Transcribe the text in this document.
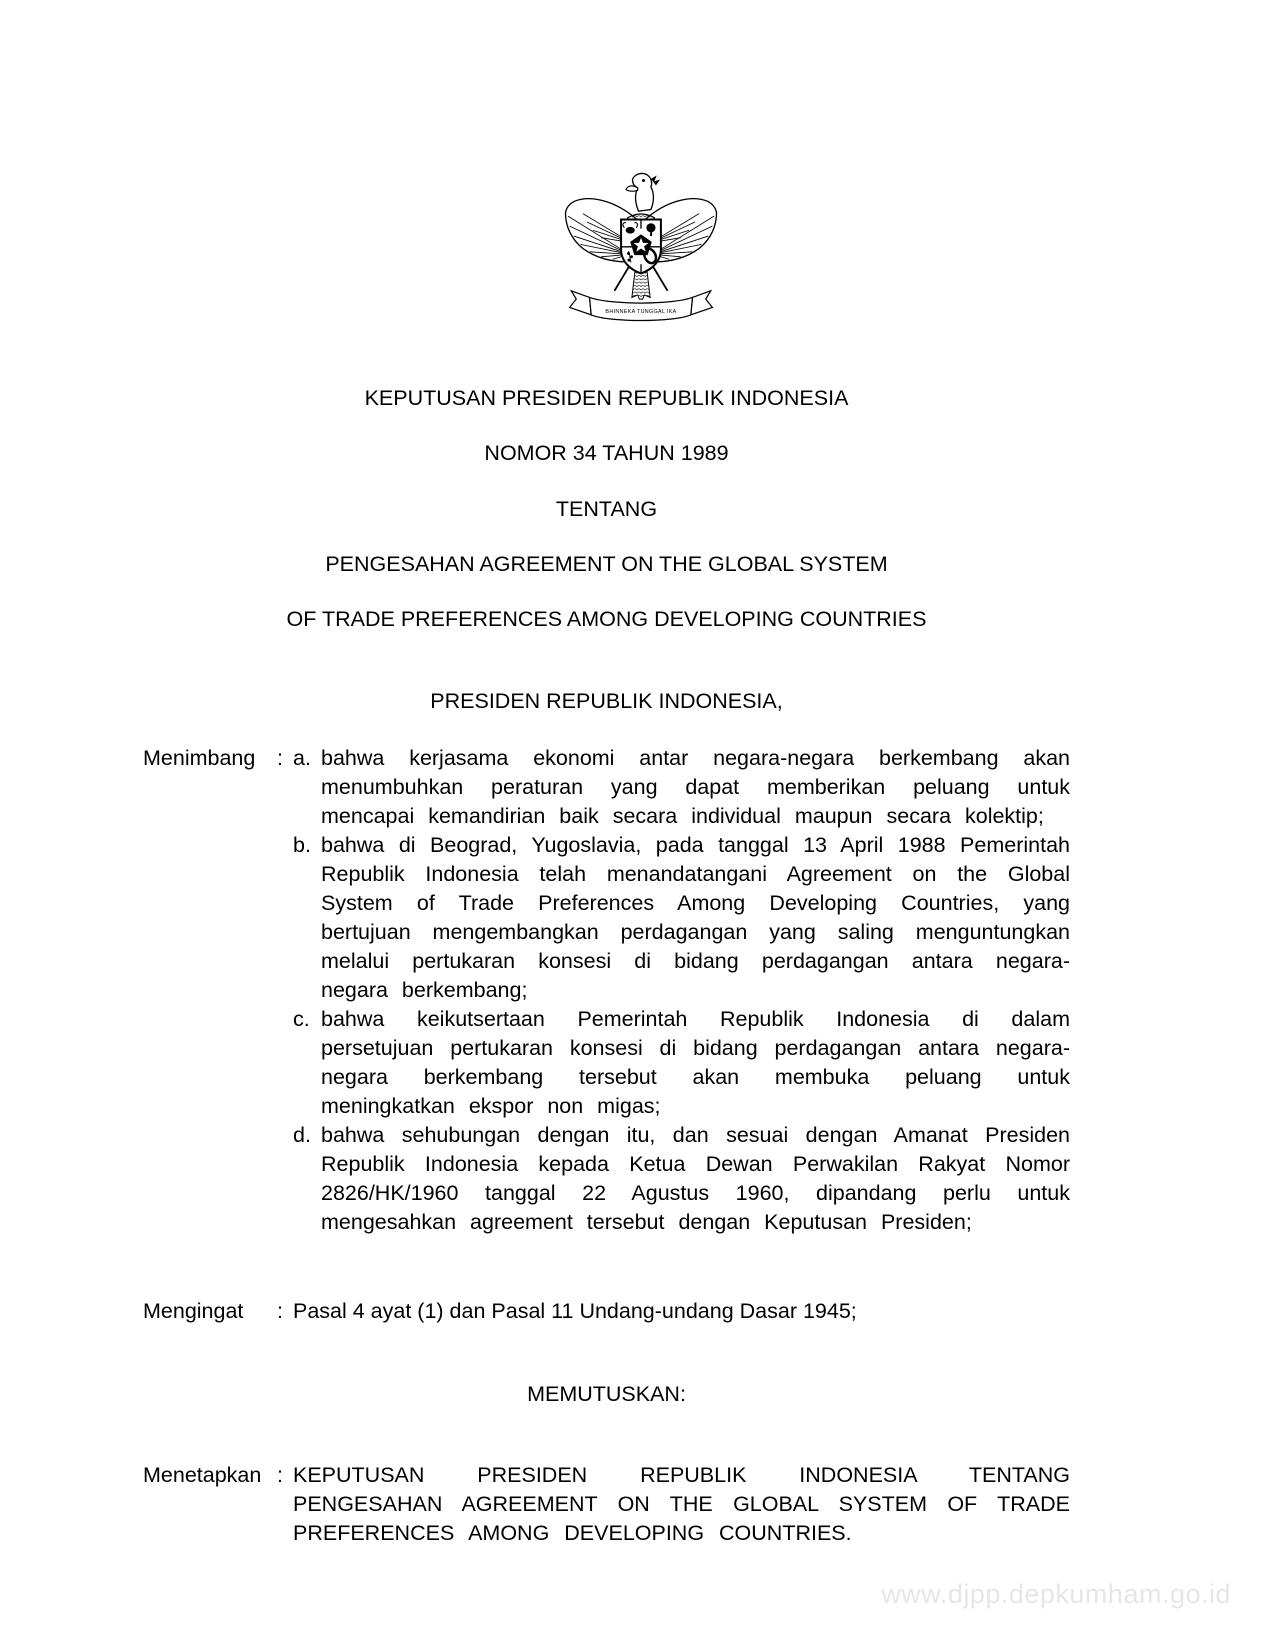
BHINNEKA TUNGGAL IKA

KEPUTUSAN PRESIDEN REPUBLIK INDONESIA

NOMOR 34 TAHUN 1989

TENTANG

PENGESAHAN AGREEMENT ON THE GLOBAL SYSTEM

OF TRADE PREFERENCES AMONG DEVELOPING COUNTRIES

PRESIDEN REPUBLIK INDONESIA,
Menimbang	: a. bahwa kerjasama ekonomi antar negara-negara berkembang akan menumbuhkan peraturan yang dapat memberikan peluang untuk mencapai kemandirian baik secara individual maupun secara kolektip;
b. bahwa di Beograd, Yugoslavia, pada tanggal 13 April 1988 Pemerintah Republik Indonesia telah menandatangani Agreement on the Global System of Trade Preferences Among Developing Countries, yang bertujuan mengembangkan perdagangan yang saling menguntungkan melalui pertukaran konsesi di bidang perdagangan antara negara-negara berkembang;
c. bahwa keikutsertaan Pemerintah Republik Indonesia di dalam persetujuan pertukaran konsesi di bidang perdagangan antara negara-negara berkembang tersebut akan membuka peluang untuk meningkatkan ekspor non migas;
d. bahwa sehubungan dengan itu, dan sesuai dengan Amanat Presiden Republik Indonesia kepada Ketua Dewan Perwakilan Rakyat Nomor 2826/HK/1960 tanggal 22 Agustus 1960, dipandang perlu untuk mengesahkan agreement tersebut dengan Keputusan Presiden;
Mengingat	: Pasal 4 ayat (1) dan Pasal 11 Undang-undang Dasar 1945;
MEMUTUSKAN:
Menetapkan : KEPUTUSAN PRESIDEN REPUBLIK INDONESIA TENTANG PENGESAHAN AGREEMENT ON THE GLOBAL SYSTEM OF TRADE PREFERENCES AMONG DEVELOPING COUNTRIES.
www.djpp.depkumham.go.id
